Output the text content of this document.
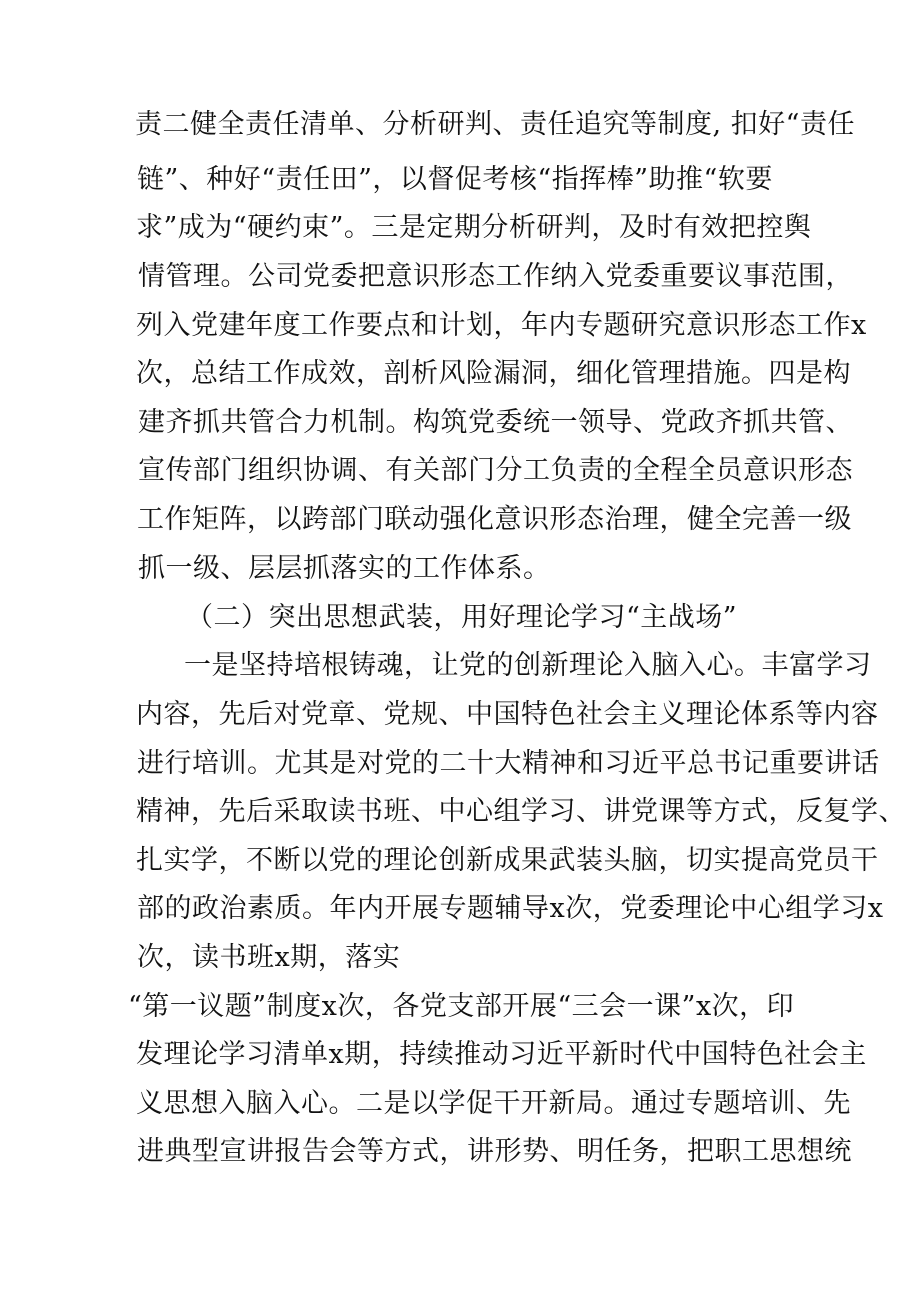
责二健全责任清单、分析研判、责任追究等制度, 扣好“责任
链”、种好“责任田”，以督促考核“指挥棒”助推“软要
求”成为“硬约束”。三是定期分析研判，及时有效把控舆
情管理。公司党委把意识形态工作纳入党委重要议事范围，
列入党建年度工作要点和计划，年内专题研究意识形态工作x
次，总结工作成效，剖析风险漏洞，细化管理措施。四是构
建齐抓共管合力机制。构筑党委统一领导、党政齐抓共管、
宣传部门组织协调、有关部门分工负责的全程全员意识形态
工作矩阵，以跨部门联动强化意识形态治理，健全完善一级
抓一级、层层抓落实的工作体系。
（二）突出思想武装，用好理论学习“主战场”
一是坚持培根铸魂，让党的创新理论入脑入心。丰富学习
内容，先后对党章、党规、中国特色社会主义理论体系等内容
进行培训。尤其是对党的二十大精神和习近平总书记重要讲话
精神，先后采取读书班、中心组学习、讲党课等方式，反复学、
扎实学，不断以党的理论创新成果武装头脑，切实提高党员干
部的政治素质。年内开展专题辅导x次，党委理论中心组学习x
次，读书班x期，落实
“第一议题”制度x次，各党支部开展“三会一课”x次，印
发理论学习清单x期，持续推动习近平新时代中国特色社会主
义思想入脑入心。二是以学促干开新局。通过专题培训、先
进典型宣讲报告会等方式，讲形势、明任务，把职工思想统
